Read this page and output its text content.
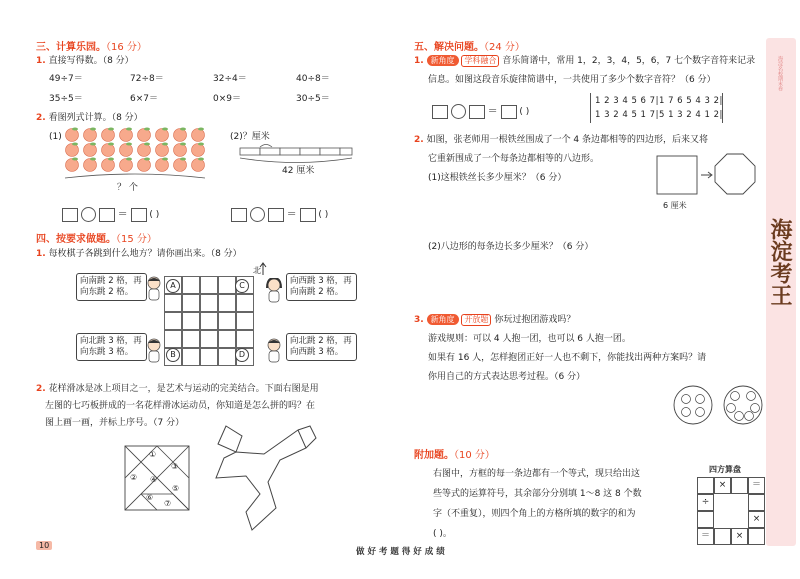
三、计算乐园。（16 分）
1. 直接写得数。（8 分）
49÷7＝	72÷8＝	32÷4＝	40÷8＝
35÷5＝	6×7＝	0×9＝	30÷5＝
2. 看图列式计算。（8 分）
(1)
？ 个
(2)？厘米
42 厘米
＝ ( )	＝ ( )
四、按要求做题。（15 分）
1. 每枚棋子各跳到什么地方？请你画出来。（8 分）
A
B
C
D
北
向南跳 2 格，再向东跳 2 格。
向北跳 3 格，再向东跳 3 格。
向西跳 3 格，再向南跳 2 格。
向北跳 2 格，再向西跳 3 格。
2. 花样滑冰是冰上项目之一，是艺术与运动的完美结合。下面右图是用
左图的七巧板拼成的一名花样滑冰运动员，你知道是怎么拼的吗？在
图上画一画，并标上序号。（7 分）
①
②
③
④
⑤
⑥
⑦
10
做 好 考 题 得 好 成 绩
五、解决问题。（24 分）
1. 新角度 学科融合 音乐简谱中，常用 1，2，3，4，5，6，7 七个数字音符来记录
信息。如图这段音乐旋律简谱中，一共使用了多少个数字音符？（6 分）
＝ ( )
1 2 3 4 5 6 7|1 7 6 5 4 3 2|
1 3 2 4 5 1 7|5 1 3 2 4 1 2|
2. 如图，张老师用一根铁丝围成了一个 4 条边都相等的四边形，后来又将
它重新围成了一个每条边都相等的八边形。
(1)这根铁丝长多少厘米？（6 分）
(2)八边形的每条边长多少厘米？（6 分）
6 厘米
3. 新角度 开放题 你玩过抱团游戏吗？
游戏规则：可以 4 人抱一团，也可以 6 人抱一团。
如果有 16 人，怎样抱团正好一人也不剩下，你能找出两种方案吗？请
你用自己的方式表达思考过程。（6 分）
附加题。（10 分）
右图中，方框的每一条边都有一个等式，现只给出这
些等式的运算符号，其余部分分别填 1～8 这 8 个数
字（不重复），则四个角上的方格所填的数字的和为
( )。
四方算盘
×	＝
÷
×
＝	×
海淀名校期末卷
海淀考王
